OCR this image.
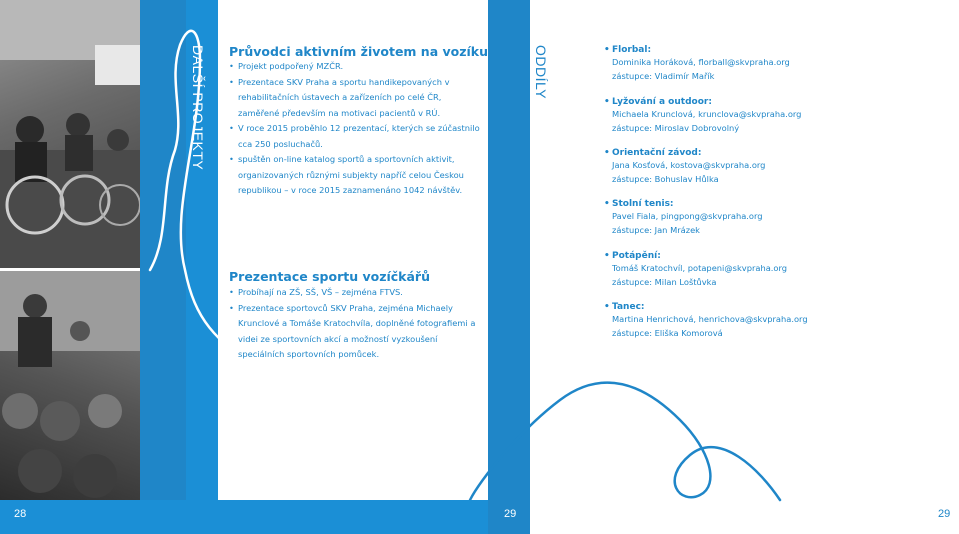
DALŠÍ PROJEKTY	ODDÍLY
Průvodci aktivním životem na vozíku
• Projekt podpořený MZČR.
• Prezentace SKV Praha a sportu handikepovaných v rehabilitačních ústavech a zařízeních po celé ČR, zaměřené především na motivaci pacientů v RÚ.
• V roce 2015 proběhlo 12 prezentací, kterých se zúčastnilo cca 250 posluchačů.
• spuštěn on-line katalog sportů a sportovních aktivit, organizovaných různými subjekty napříč celou Českou republikou – v roce 2015 zaznamenáno 1042 návštěv.
Prezentace sportu vozíčkářů
• Probíhají na ZŠ, SŠ, VŠ – zejména FTVS.
• Prezentace sportovců SKV Praha, zejména Michaely Krunclové a Tomáše Kratochvíla, doplněné fotografiemi a videi ze sportovních akcí a možností vyzkoušení speciálních sportovních pomůcek.
• Florbal:
Dominika Horáková, florball@skvpraha.org
zástupce: Vladimír Mařík
• Lyžování a outdoor:
Michaela Krunclová, krunclova@skvpraha.org
zástupce: Miroslav Dobrovolný
• Orientační závod:
Jana Kosťová, kostova@skvpraha.org
zástupce: Bohuslav Hůlka
• Stolní tenis:
Pavel Fiala, pingpong@skvpraha.org
zástupce: Jan Mrázek
• Potápění:
Tomáš Kratochvíl, potapeni@skvpraha.org
zástupce: Milan Loštůvka
• Tanec:
Martina Henrichová, henrichova@skvpraha.org
zástupce: Eliška Komorová
28	29	29
